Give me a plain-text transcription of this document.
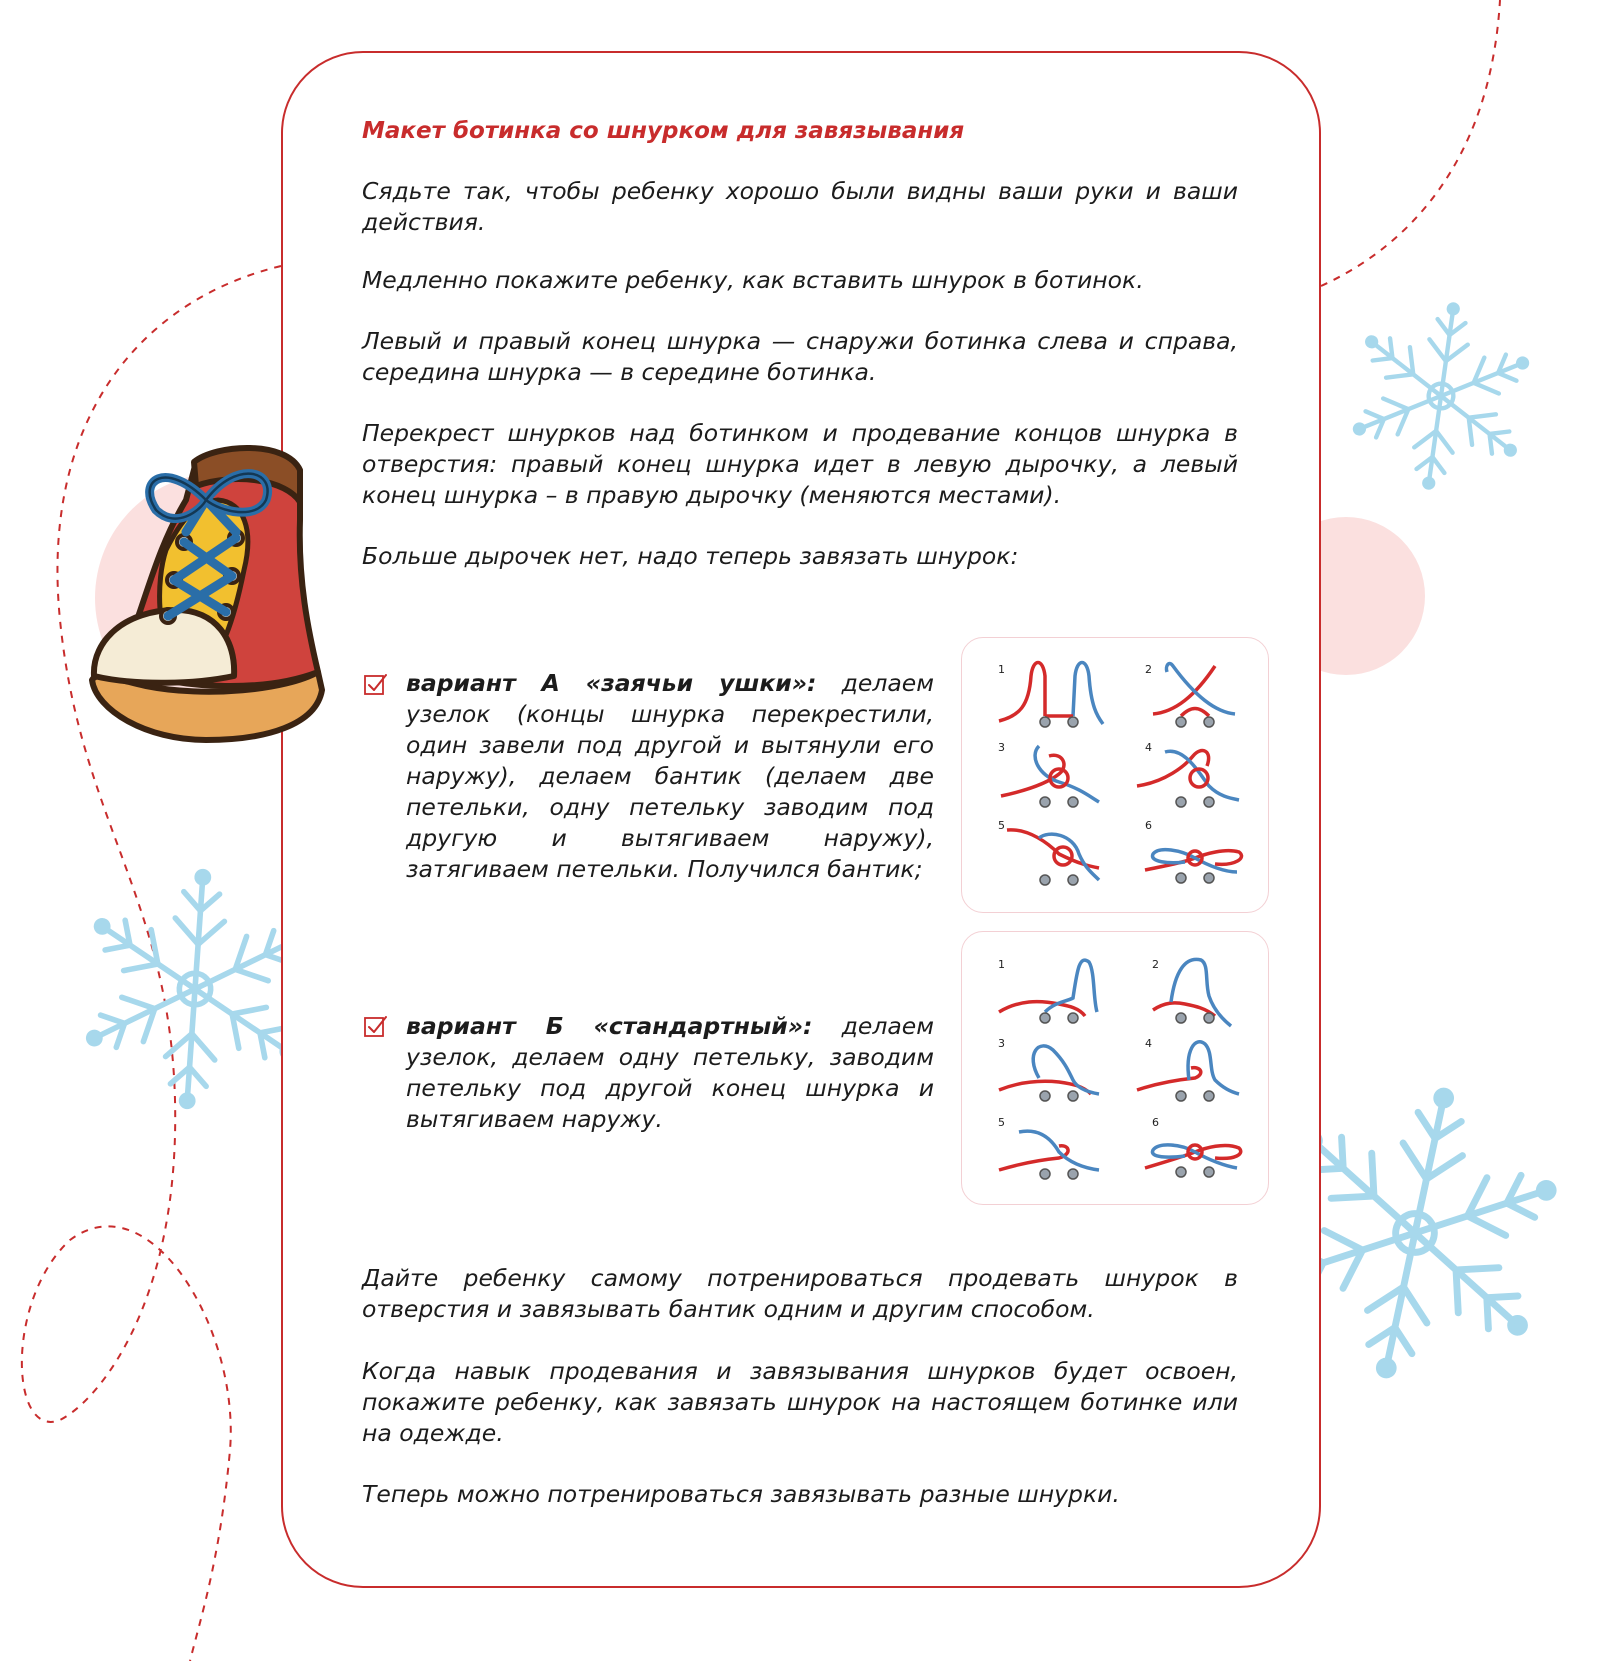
Макет ботинка со шнурком для завязывания

Сядьте так, чтобы ребенку хорошо были видны ваши руки и ваши действия.

Медленно покажите ребенку, как вставить шнурок в ботинок.

Левый и правый конец шнурка — снаружи ботинка слева и справа, середина шнурка — в середине ботинка.

Перекрест шнурков над ботинком и продевание концов шнурка в отверстия: правый конец шнурка идет в левую дырочку, а левый конец шнурка – в правую дырочку (меняются местами).

Больше дырочек нет, надо теперь завязать шнурок:

вариант А «заячьи ушки»: делаем узелок (концы шнурка перекрестили, один завели под другой и вытянули его наружу), делаем бантик (делаем две петельки, одну петельку заводим под другую и вытягиваем наружу), затягиваем петельки. Получился бантик;

вариант Б «стандартный»: делаем узелок, делаем одну петельку, заводим петельку под другой конец шнурка и вытягиваем наружу.

1	2
3	4
5	6
1	2
3	4
5	6

Дайте ребенку самому потренироваться продевать шнурок в отверстия и завязывать бантик одним и другим способом.

Когда навык продевания и завязывания шнурков будет освоен, покажите ребенку, как завязать шнурок на настоящем ботинке или на одежде.

Теперь можно потренироваться завязывать разные шнурки.
